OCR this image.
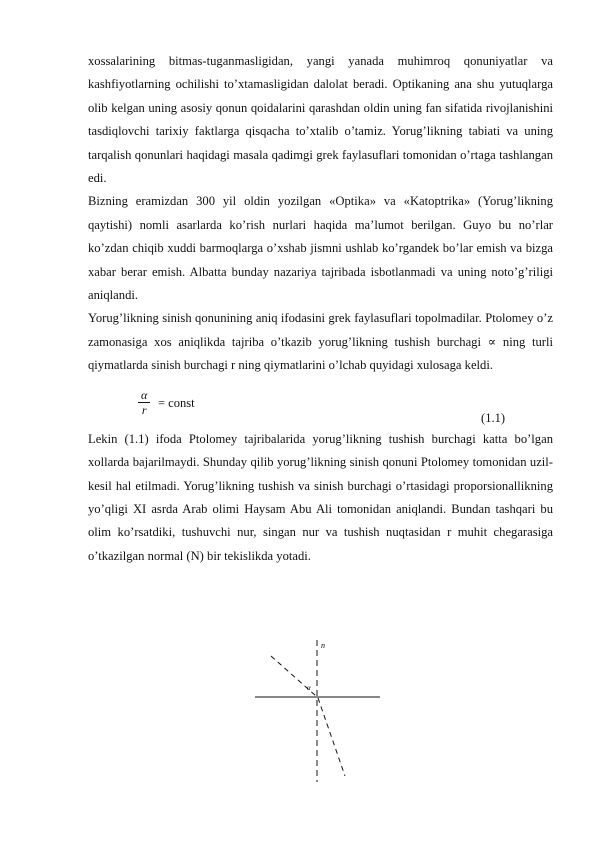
xossalarining bitmas-tuganmasligidan, yangi yanada muhimroq qonuniyatlar va kashfiyotlarning ochilishi to’xtamasligidan dalolat beradi. Optikaning ana shu yutuqlarga olib kelgan uning asosiy qonun qoidalarini qarashdan oldin uning fan sifatida rivojlanishini tasdiqlovchi tarixiy faktlarga qisqacha to’xtalib o’tamiz. Yorug’likning tabiati va uning tarqalish qonunlari haqidagi masala qadimgi grek faylasuflari tomonidan o’rtaga tashlangan edi.

Bizning eramizdan 300 yil oldin yozilgan «Optika» va «Katoptrika» (Yorug’likning qaytishi) nomli asarlarda ko’rish nurlari haqida ma’lumot berilgan. Guyo bu no’rlar ko’zdan chiqib xuddi barmoqlarga o’xshab jismni ushlab ko’rgandek bo’lar emish va bizga xabar berar emish. Albatta bunday nazariya tajribada isbotlanmadi va uning noto’g’riligi aniqlandi.

Yorug’likning sinish qonunining aniq ifodasini grek faylasuflari topolmadilar. Ptolomey o’z zamonasiga xos aniqlikda tajriba o’tkazib yorug’likning tushish burchagi ∝ ning turli qiymatlarda sinish burchagi r ning qiymatlarini o’lchab quyidagi xulosaga keldi.

$\frac{\alpha}{r}$ = const
(1.1)

Lekin (1.1) ifoda Ptolomey tajribalarida yorug’likning tushish burchagi katta bo’lgan xollarda bajarilmaydi. Shunday qilib yorug’likning sinish qonuni Ptolomey tomonidan uzil-kesil hal etilmadi. Yorug’likning tushish va sinish burchagi o’rtasidagi proporsionallikning yo’qligi XI asrda Arab olimi Haysam Abu Ali tomonidan aniqlandi. Bundan tashqari bu olim ko’rsatdiki, tushuvchi nur, singan nur va tushish nuqtasidan r muhit chegarasiga o’tkazilgan normal (N) bir tekislikda yotadi.

n
α
